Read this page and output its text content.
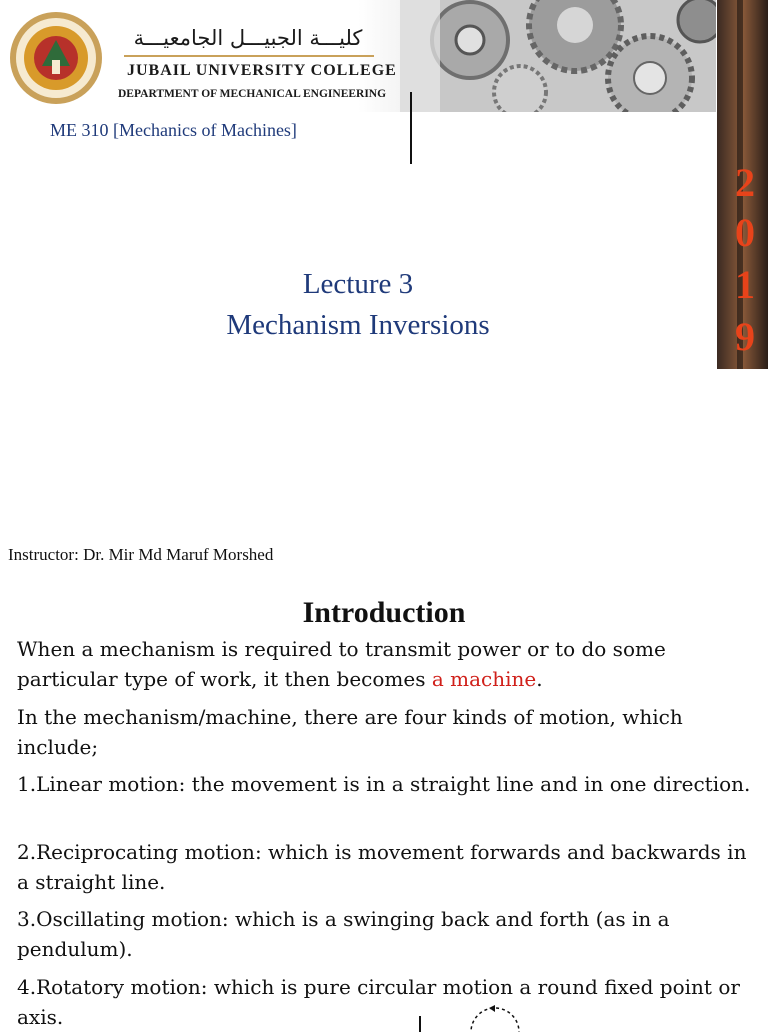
كليـــة الجبيـــل الجامعيـــة
JUBAIL UNIVERSITY COLLEGE
DEPARTMENT OF MECHANICAL ENGINEERING
ME 310 [Mechanics of Machines]
2
0
1
9
Lecture 3
Mechanism Inversions
Instructor: Dr. Mir Md Maruf Morshed
Introduction

When a mechanism is required to transmit power or to do some particular type of work, it then becomes a machine.

In the mechanism/machine, there are four kinds of motion, which include;

1.Linear motion: the movement is in a straight line and in one direction.

2.Reciprocating motion: which is movement forwards and backwards in a straight line.

3.Oscillating motion: which is a swinging back and forth (as in a pendulum).

4.Rotatory motion: which is pure circular motion a round fixed point or axis.
